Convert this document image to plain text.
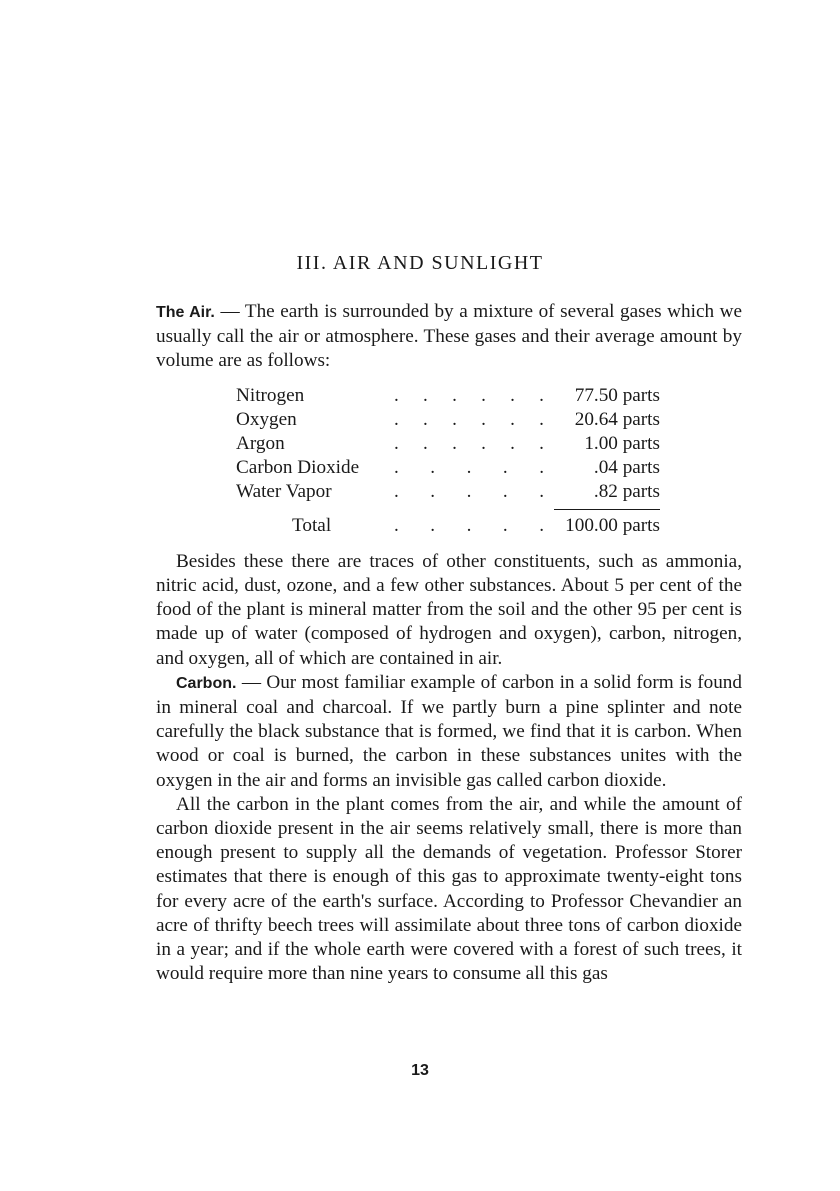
III. AIR AND SUNLIGHT

The Air. — The earth is surrounded by a mixture of several gases which we usually call the air or atmosphere. These gases and their average amount by volume are as follows:

Nitrogen	. . . . . . 77.50 parts
Oxygen	. . . . . . 20.64 parts
Argon	. . . . . . 1.00 parts
Carbon Dioxide . . . . .	.04 parts
Water Vapor	. . . . .	.82 parts
Total	. . . . . 100.00 parts

Besides these there are traces of other constituents, such as ammonia, nitric acid, dust, ozone, and a few other substances. About 5 per cent of the food of the plant is mineral matter from the soil and the other 95 per cent is made up of water (composed of hydrogen and oxygen), carbon, nitrogen, and oxygen, all of which are contained in air.

Carbon. — Our most familiar example of carbon in a solid form is found in mineral coal and charcoal. If we partly burn a pine splinter and note carefully the black substance that is formed, we find that it is carbon. When wood or coal is burned, the carbon in these substances unites with the oxygen in the air and forms an invisible gas called carbon dioxide.

All the carbon in the plant comes from the air, and while the amount of carbon dioxide present in the air seems relatively small, there is more than enough present to supply all the demands of vegetation. Professor Storer estimates that there is enough of this gas to approximate twenty-eight tons for every acre of the earth's surface. According to Professor Chevandier an acre of thrifty beech trees will assimilate about three tons of carbon dioxide in a year; and if the whole earth were covered with a forest of such trees, it would require more than nine years to consume all this gas

13
